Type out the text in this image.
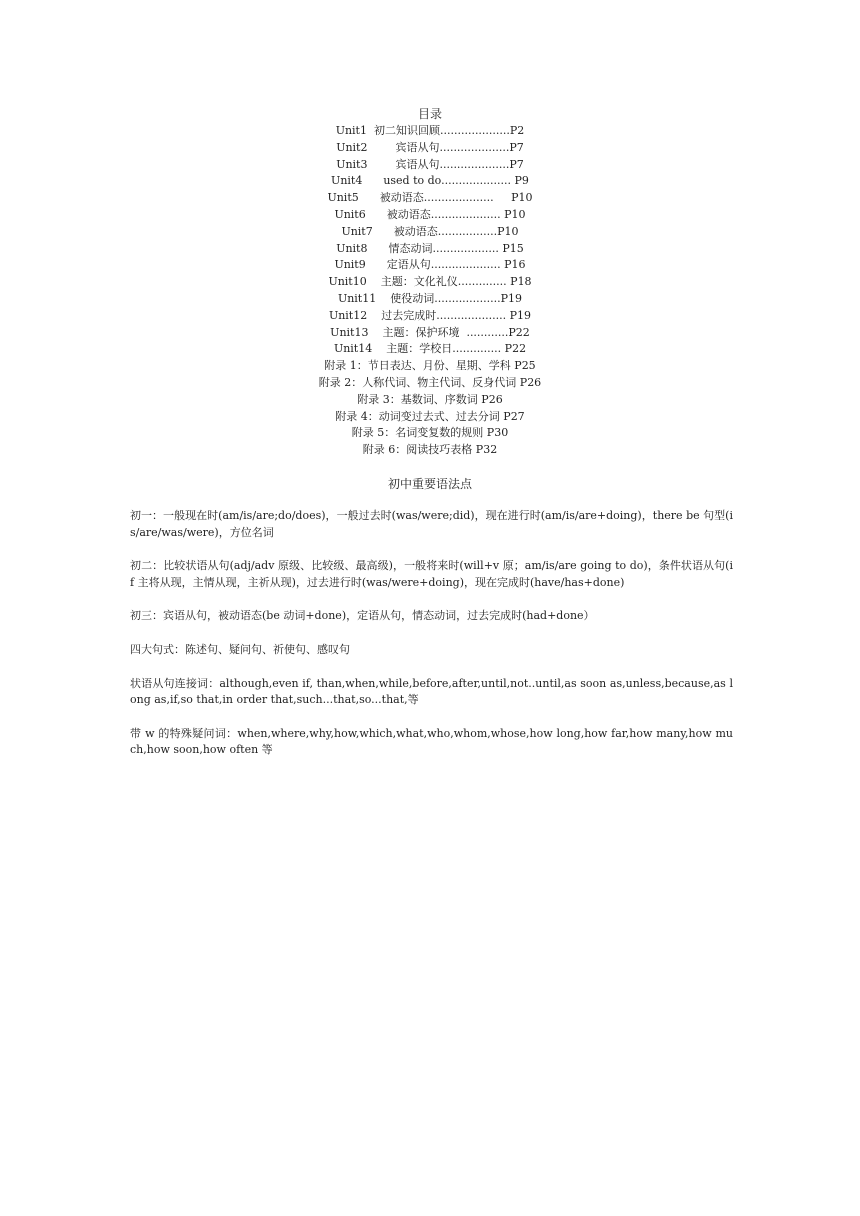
目录
Unit1  初二知识回顾....................P2
Unit2        宾语从句....................P7
Unit3        宾语从句....................P7
Unit4      used to do.................... P9
Unit5      被动语态....................     P10
Unit6      被动语态.................... P10
Unit7      被动语态.................P10
Unit8      情态动词................... P15
Unit9      定语从句.................... P16
Unit10    主题：文化礼仪.............. P18
Unit11    使役动词...................P19
Unit12    过去完成时.................... P19
Unit13    主题：保护环境  ............P22
Unit14    主题：学校日.............. P22
附录 1：节日表达、月份、星期、学科 P25
附录 2：人称代词、物主代词、反身代词 P26
附录 3：基数词、序数词 P26
附录 4：动词变过去式、过去分词 P27
附录 5：名词变复数的规则 P30
附录 6：阅读技巧表格 P32
初中重要语法点

初一：一般现在时(am/is/are;do/does)，一般过去时(was/were;did)，现在进行时(am/is/are+doing)，there be 句型(is/are/was/were)，方位名词

初二：比较状语从句(adj/adv 原级、比较级、最高级)，一般将来时(will+v 原；am/is/are going to do)，条件状语从句(if 主将从现，主情从现，主祈从现)，过去进行时(was/were+doing)，现在完成时(have/has+done)

初三：宾语从句，被动语态(be 动词+done)，定语从句，情态动词，过去完成时(had+done）

四大句式：陈述句、疑问句、祈使句、感叹句

状语从句连接词：although,even if, than,when,while,before,after,until,not..until,as soon as,unless,because,as long as,if,so that,in order that,such...that,so...that,等

带 w 的特殊疑问词：when,where,why,how,which,what,who,whom,whose,how long,how far,how many,how much,how soon,how often 等
